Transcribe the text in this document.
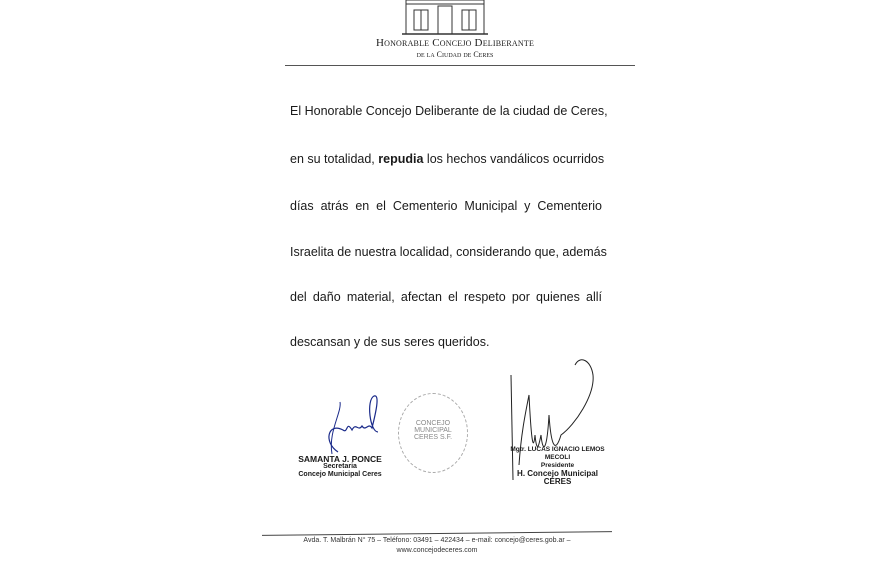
Honorable Concejo Deliberante
de la Ciudad de Ceres
El Honorable Concejo Deliberante de la ciudad de Ceres,
en su totalidad, repudia los hechos vandálicos ocurridos
días atrás en el Cementerio Municipal y Cementerio
Israelita de nuestra localidad, considerando que, además
del daño material, afectan el respeto por quienes allí
descansan y de sus seres queridos.
SAMANTA J. PONCE
Secretaria
Concejo Municipal Ceres
CONCEJO MUNICIPAL CERES S.F.
Mgtr. LUCAS IGNACIO LEMOS MECOLI
Presidente
H. Concejo Municipal
CERES
Avda. T. Malbrán N° 75 – Teléfono: 03491 – 422434 – e-mail: concejo@ceres.gob.ar –
www.concejodeceres.com
